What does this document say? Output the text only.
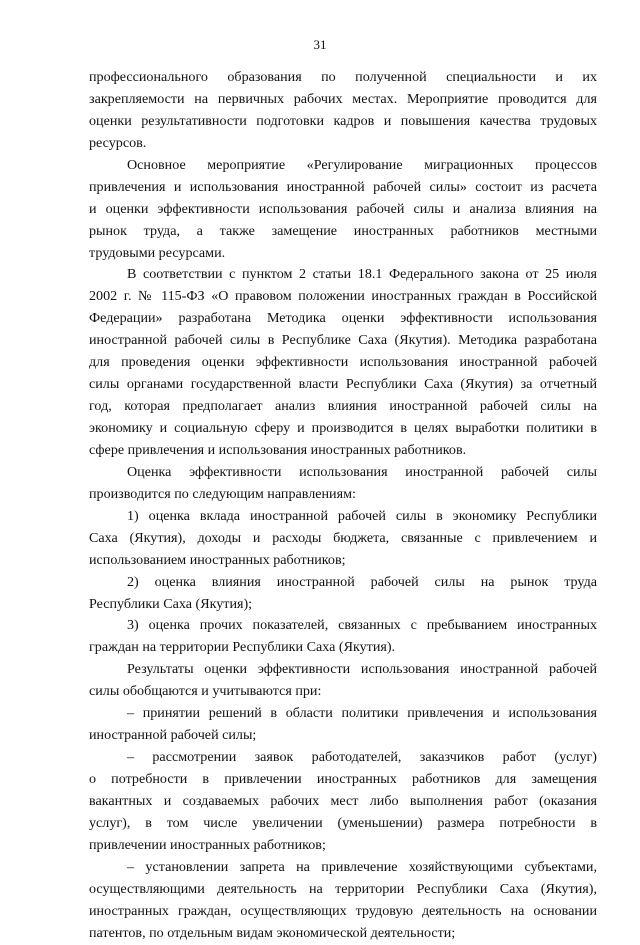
31
профессионального образования по полученной специальности и их
закрепляемости на первичных рабочих местах. Мероприятие проводится для
оценки результативности подготовки кадров и повышения качества трудовых
ресурсов.
Основное мероприятие «Регулирование миграционных процессов
привлечения и использования иностранной рабочей силы» состоит из расчета
и оценки эффективности использования рабочей силы и анализа влияния на
рынок труда, а также замещение иностранных работников местными
трудовыми ресурсами.
В соответствии с пунктом 2 статьи 18.1 Федерального закона от 25 июля
2002 г. № 115-ФЗ «О правовом положении иностранных граждан в Российской
Федерации» разработана Методика оценки эффективности использования
иностранной рабочей силы в Республике Саха (Якутия). Методика разработана
для проведения оценки эффективности использования иностранной рабочей
силы органами государственной власти Республики Саха (Якутия) за отчетный
год, которая предполагает анализ влияния иностранной рабочей силы на
экономику и социальную сферу и производится в целях выработки политики в
сфере привлечения и использования иностранных работников.
Оценка эффективности использования иностранной рабочей силы
производится по следующим направлениям:
1) оценка вклада иностранной рабочей силы в экономику Республики
Саха (Якутия), доходы и расходы бюджета, связанные с привлечением и
использованием иностранных работников;
2) оценка влияния иностранной рабочей силы на рынок труда
Республики Саха (Якутия);
3) оценка прочих показателей, связанных с пребыванием иностранных
граждан на территории Республики Саха (Якутия).
Результаты оценки эффективности использования иностранной рабочей
силы обобщаются и учитываются при:
– принятии решений в области политики привлечения и использования
иностранной рабочей силы;
– рассмотрении заявок работодателей, заказчиков работ (услуг)
о потребности в привлечении иностранных работников для замещения
вакантных и создаваемых рабочих мест либо выполнения работ (оказания
услуг), в том числе увеличении (уменьшении) размера потребности в
привлечении иностранных работников;
– установлении запрета на привлечение хозяйствующими субъектами,
осуществляющими деятельность на территории Республики Саха (Якутия),
иностранных граждан, осуществляющих трудовую деятельность на основании
патентов, по отдельным видам экономической деятельности;
